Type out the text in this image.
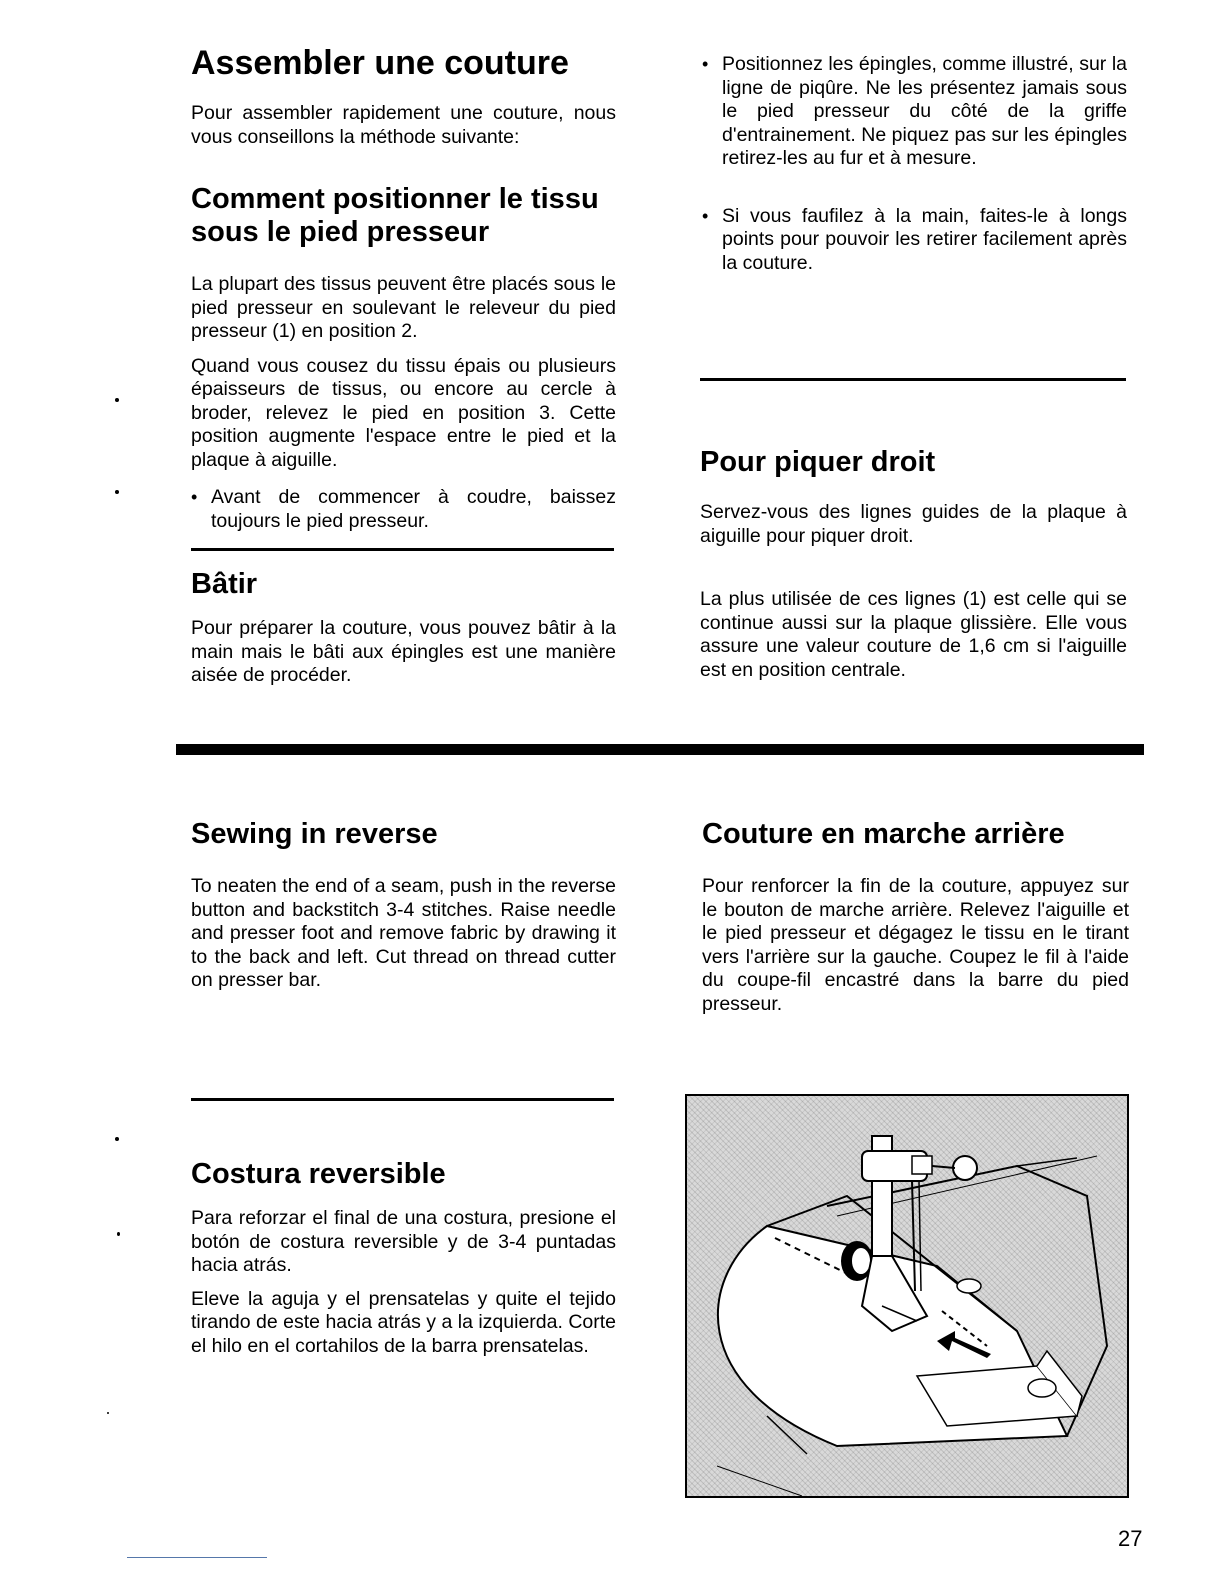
Assembler une couture

Pour assembler rapidement une couture, nous vous conseillons la méthode suivante:

Comment positionner le tissu sous le pied presseur

La plupart des tissus peuvent être placés sous le pied presseur en soulevant le releveur du pied presseur (1) en position 2.

Quand vous cousez du tissu épais ou plusieurs épaisseurs de tissus, ou encore au cercle à broder, relevez le pied en position 3. Cette position augmente l'espace entre le pied et la plaque à aiguille.

• Avant de commencer à coudre, baissez toujours le pied presseur.
Bâtir

Pour préparer la couture, vous pouvez bâtir à la main mais le bâti aux épingles est une manière aisée de procéder.

• Positionnez les épingles, comme illustré, sur la ligne de piqûre. Ne les présentez jamais sous le pied presseur du côté de la griffe d'entrainement. Ne piquez pas sur les épingles retirez-les au fur et à mesure.
• Si vous faufilez à la main, faites-le à longs points pour pouvoir les retirer facilement après la couture.
Pour piquer droit

Servez-vous des lignes guides de la plaque à aiguille pour piquer droit.

La plus utilisée de ces lignes (1) est celle qui se continue aussi sur la plaque glissière. Elle vous assure une valeur couture de 1,6 cm si l'aiguille est en position centrale.

Sewing in reverse

To neaten the end of a seam, push in the reverse button and backstitch 3-4 stitches. Raise needle and presser foot and remove fabric by drawing it to the back and left. Cut thread on thread cutter on presser bar.

Costura reversible

Para reforzar el final de una costura, presione el botón de costura reversible y de 3-4 puntadas hacia atrás.

Eleve la aguja y el prensatelas y quite el tejido tirando de este hacia atrás y a la izquierda. Corte el hilo en el cortahilos de la barra prensatelas.

Couture en marche arrière

Pour renforcer la fin de la couture, appuyez sur le bouton de marche arrière. Relevez l'aiguille et le pied presseur et dégagez le tissu en le tirant vers l'arrière sur la gauche. Coupez le fil à l'aide du coupe-fil encastré dans la barre du pied presseur.

27
